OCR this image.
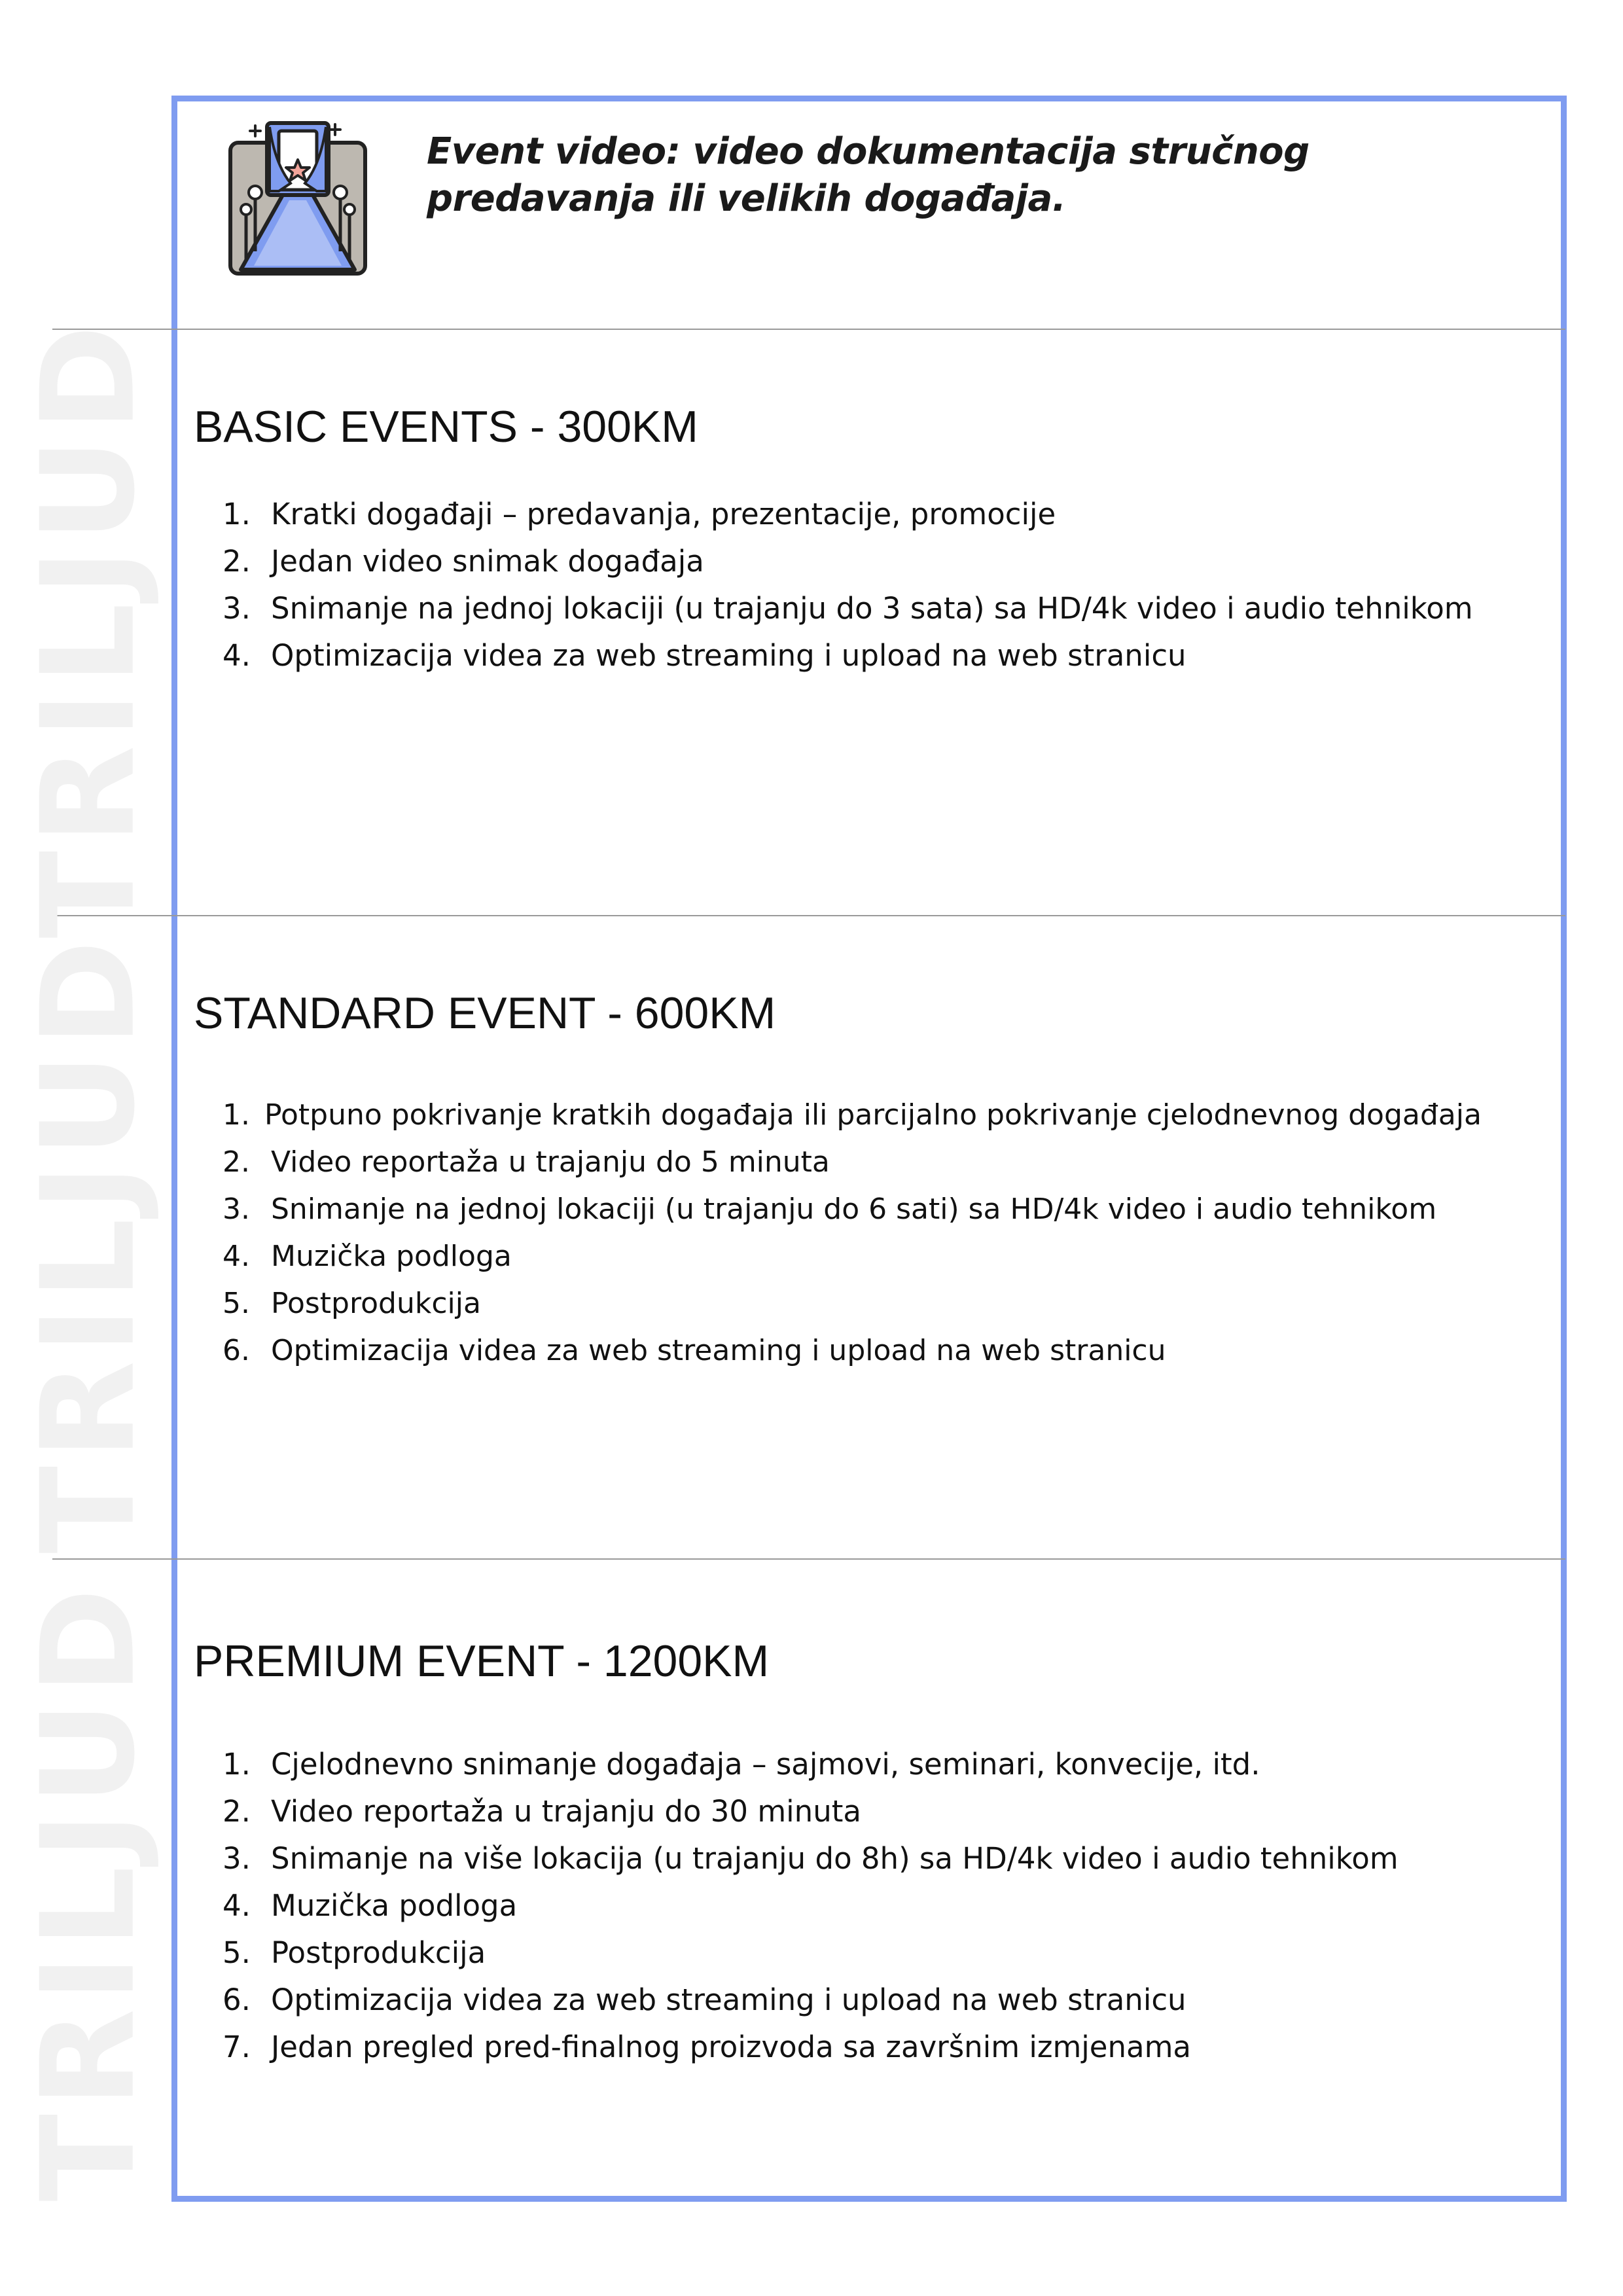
Event video: video dokumentacija stručnog predavanja ili velikih događaja.
TRILJUD
TRILJUD
TRILJUD
BASIC EVENTS - 300KM
1. Kratki događaji – predavanja, prezentacije, promocije
2. Jedan video snimak događaja
3. Snimanje na jednoj lokaciji (u trajanju do 3 sata) sa HD/4k video i audio tehnikom
4. Optimizacija videa za web streaming i upload na web stranicu
STANDARD EVENT - 600KM
1. Potpuno pokrivanje kratkih događaja ili parcijalno pokrivanje cjelodnevnog događaja
2. Video reportaža u trajanju do 5 minuta
3. Snimanje na jednoj lokaciji (u trajanju do 6 sati) sa HD/4k video i audio tehnikom
4. Muzička podloga
5. Postprodukcija
6. Optimizacija videa za web streaming i upload na web stranicu
PREMIUM EVENT - 1200KM
1. Cjelodnevno snimanje događaja – sajmovi, seminari, konvecije, itd.
2. Video reportaža u trajanju do 30 minuta
3. Snimanje na više lokacija (u trajanju do 8h) sa HD/4k video i audio tehnikom
4. Muzička podloga
5. Postprodukcija
6. Optimizacija videa za web streaming i upload na web stranicu
7. Jedan pregled pred-finalnog proizvoda sa završnim izmjenama
